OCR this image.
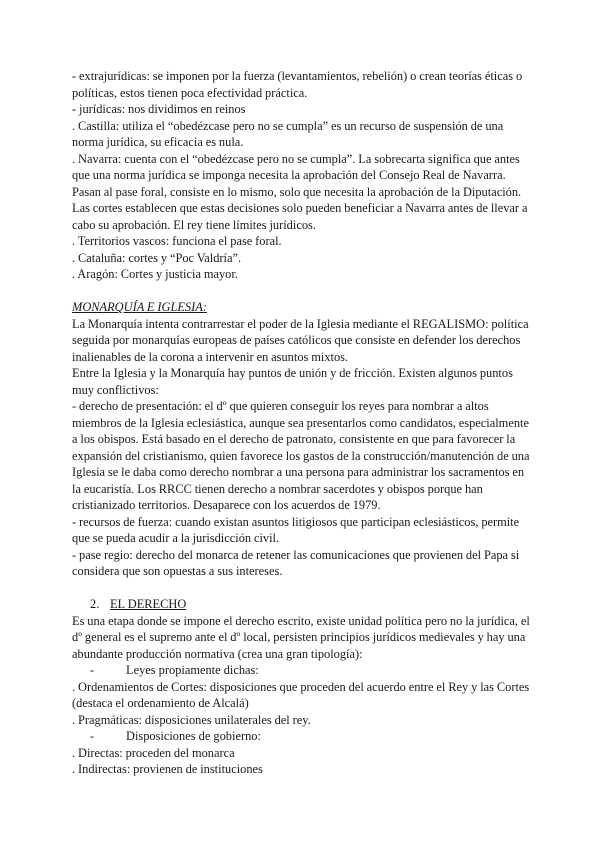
- extrajurídicas: se imponen por la fuerza (levantamientos, rebelión) o crean teorías éticas o políticas, estos tienen poca efectividad práctica.

- jurídicas: nos dividimos en reinos

. Castilla: utiliza el “obedézcase pero no se cumpla” es un recurso de suspensión de una norma jurídica, su eficacia es nula.

. Navarra: cuenta con el “obedézcase pero no se cumpla”. La sobrecarta significa que antes que una norma jurídica se imponga necesita la aprobación del Consejo Real de Navarra. Pasan al pase foral, consiste en lo mismo, solo que necesita la aprobación de la Diputación. Las cortes establecen que estas decisiones solo pueden beneficiar a Navarra antes de llevar a cabo su aprobación. El rey tiene límites jurídicos.

. Territorios vascos: funciona el pase foral.

. Cataluña: cortes y “Poc Valdría”.

. Aragón: Cortes y justicia mayor.

MONARQUÍA E IGLESIA:

La Monarquía intenta contrarrestar el poder de la Iglesia mediante el REGALISMO: política seguida por monarquías europeas de países católicos que consiste en defender los derechos inalienables de la corona a intervenir en asuntos mixtos.

Entre la Iglesia y la Monarquía hay puntos de unión y de fricción. Existen algunos puntos muy conflictivos:

- derecho de presentación: el dº que quieren conseguir los reyes para nombrar a altos miembros de la Iglesia eclesiástica, aunque sea presentarlos como candidatos, especialmente a los obispos. Está basado en el derecho de patronato, consistente en que para favorecer la expansión del cristianismo, quien favorece los gastos de la construcción/manutención de una Iglesia se le daba como derecho nombrar a una persona para administrar los sacramentos en la eucaristía. Los RRCC tienen derecho a nombrar sacerdotes y obispos porque han cristianizado territorios. Desaparece con los acuerdos de 1979.

- recursos de fuerza: cuando existan asuntos litigiosos que participan eclesiásticos, permite que se pueda acudir a la jurisdicción civil.

- pase regio: derecho del monarca de retener las comunicaciones que provienen del Papa si considera que son opuestas a sus intereses.

2. EL DERECHO

Es una etapa donde se impone el derecho escrito, existe unidad política pero no la jurídica, el dº general es el supremo ante el dº local, persisten principios jurídicos medievales y hay una abundante producción normativa (crea una gran tipología):

-	Leyes propiamente dichas:

. Ordenamientos de Cortes: disposiciones que proceden del acuerdo entre el Rey y las Cortes (destaca el ordenamiento de Alcalá)

. Pragmáticas: disposiciones unilaterales del rey.

-	Disposiciones de gobierno:

. Directas: proceden del monarca

. Indirectas: provienen de instituciones
